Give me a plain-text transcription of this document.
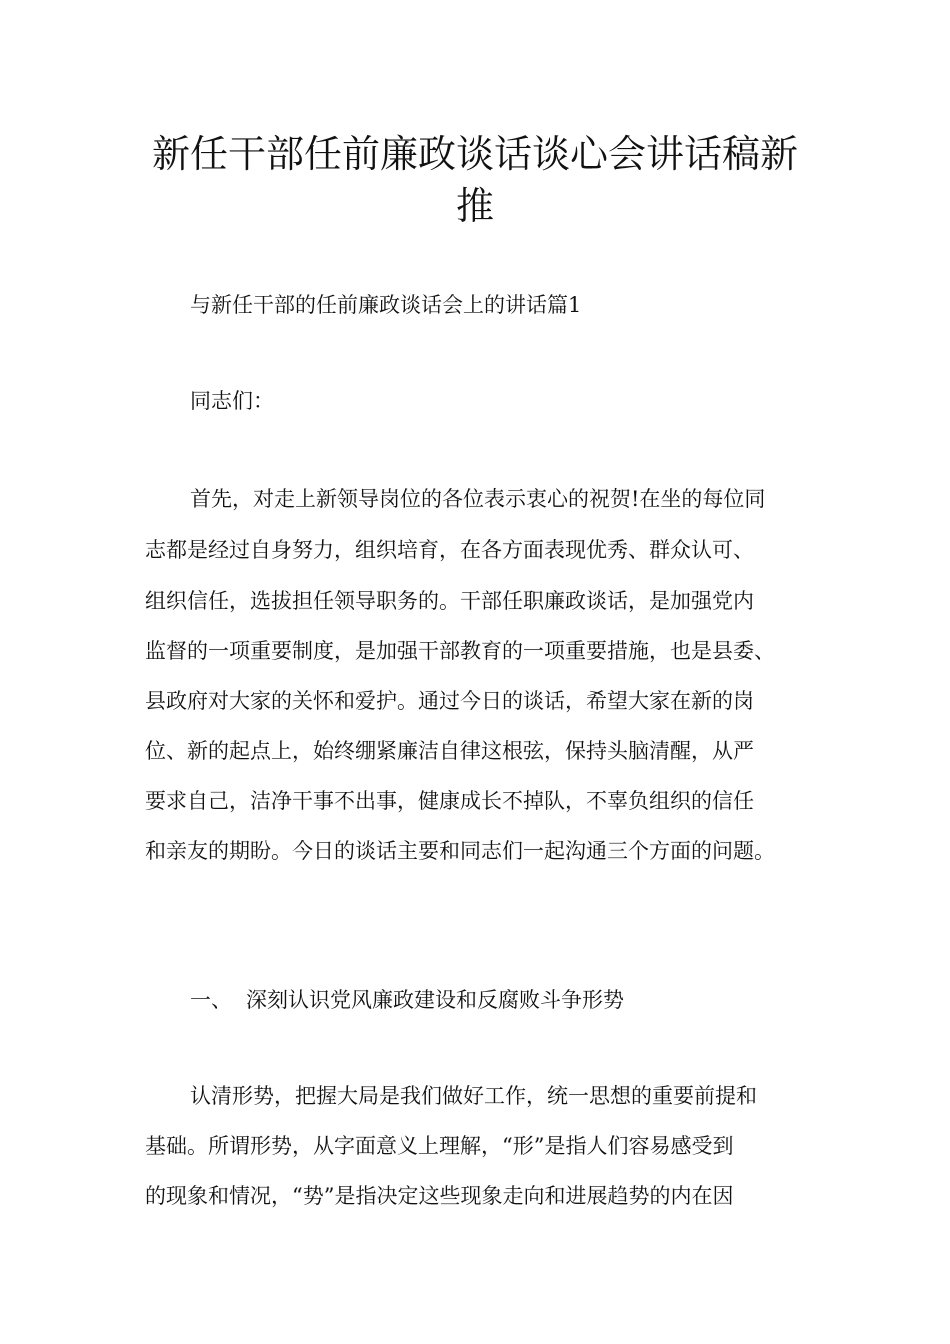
新任干部任前廉政谈话谈心会讲话稿新
推
与新任干部的任前廉政谈话会上的讲话篇1
同志们：
首先，对走上新领导岗位的各位表示衷心的祝贺!在坐的每位同
志都是经过自身努力，组织培育，在各方面表现优秀、群众认可、
组织信任，选拔担任领导职务的。干部任职廉政谈话，是加强党内
监督的一项重要制度，是加强干部教育的一项重要措施，也是县委、
县政府对大家的关怀和爱护。通过今日的谈话，希望大家在新的岗
位、新的起点上，始终绷紧廉洁自律这根弦，保持头脑清醒，从严
要求自己，洁净干事不出事，健康成长不掉队，不辜负组织的信任
和亲友的期盼。今日的谈话主要和同志们一起沟通三个方面的问题。
一、 深刻认识党风廉政建设和反腐败斗争形势
认清形势，把握大局是我们做好工作，统一思想的重要前提和
基础。所谓形势，从字面意义上理解，“形”是指人们容易感受到
的现象和情况，“势”是指决定这些现象走向和进展趋势的内在因
